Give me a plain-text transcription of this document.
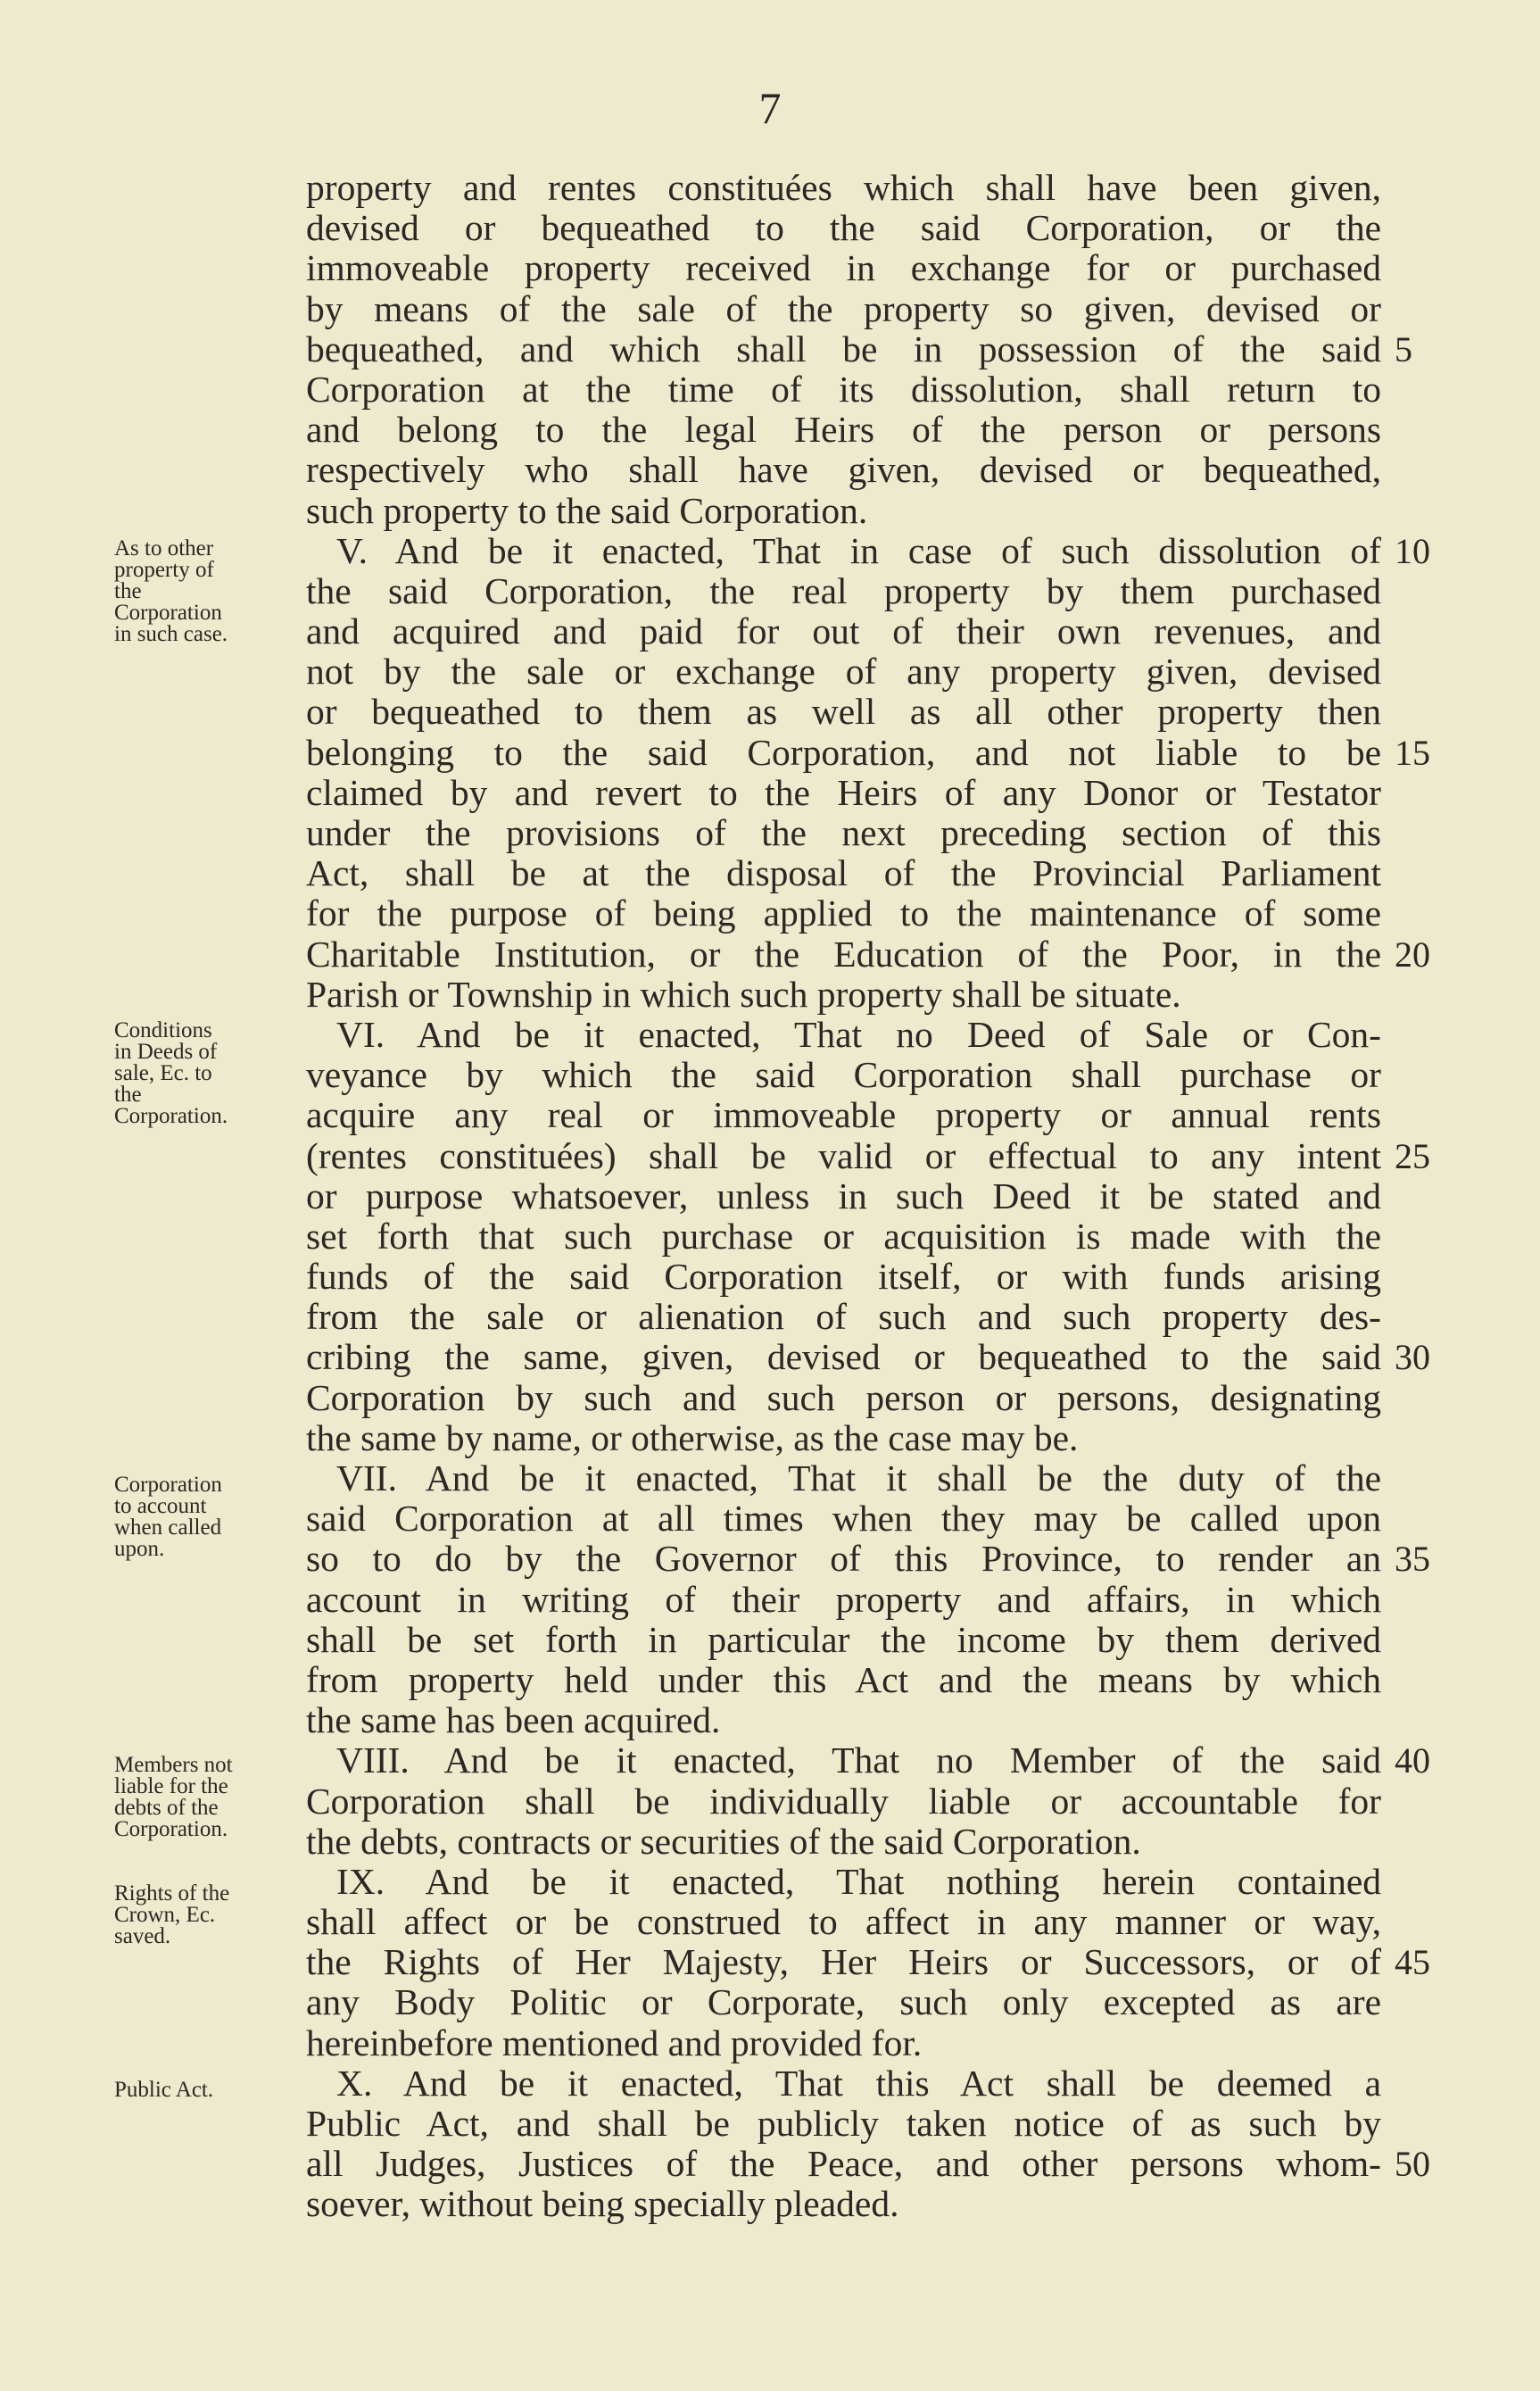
7
As to other
property of
the
Corporation
in such case.
Conditions
in Deeds of
sale, Ec. to
the
Corporation.
Corporation
to account
when called
upon.
Members not
liable for the
debts of the
Corporation.
Rights of the
Crown, Ec.
saved.
Public Act.
property and rentes constituées which shall have been given,
devised or bequeathed to the said Corporation, or the
immoveable property received in exchange for or purchased
by means of the sale of the property so given, devised or
bequeathed, and which shall be in possession of the said 5
Corporation at the time of its dissolution, shall return to
and belong to the legal Heirs of the person or persons
respectively who shall have given, devised or bequeathed,
such property to the said Corporation.
V. And be it enacted, That in case of such dissolution of 10
the said Corporation, the real property by them purchased
and acquired and paid for out of their own revenues, and
not by the sale or exchange of any property given, devised
or bequeathed to them as well as all other property then
belonging to the said Corporation, and not liable to be 15
claimed by and revert to the Heirs of any Donor or Testator
under the provisions of the next preceding section of this
Act, shall be at the disposal of the Provincial Parliament
for the purpose of being applied to the maintenance of some
Charitable Institution, or the Education of the Poor, in the 20
Parish or Township in which such property shall be situate.
VI. And be it enacted, That no Deed of Sale or Con-
veyance by which the said Corporation shall purchase or
acquire any real or immoveable property or annual rents
(rentes constituées) shall be valid or effectual to any intent 25
or purpose whatsoever, unless in such Deed it be stated and
set forth that such purchase or acquisition is made with the
funds of the said Corporation itself, or with funds arising
from the sale or alienation of such and such property des-
cribing the same, given, devised or bequeathed to the said 30
Corporation by such and such person or persons, designating
the same by name, or otherwise, as the case may be.
VII. And be it enacted, That it shall be the duty of the
said Corporation at all times when they may be called upon
so to do by the Governor of this Province, to render an 35
account in writing of their property and affairs, in which
shall be set forth in particular the income by them derived
from property held under this Act and the means by which
the same has been acquired.
VIII. And be it enacted, That no Member of the said 40
Corporation shall be individually liable or accountable for
the debts, contracts or securities of the said Corporation.
IX. And be it enacted, That nothing herein contained
shall affect or be construed to affect in any manner or way,
the Rights of Her Majesty, Her Heirs or Successors, or of 45
any Body Politic or Corporate, such only excepted as are
hereinbefore mentioned and provided for.
X. And be it enacted, That this Act shall be deemed a
Public Act, and shall be publicly taken notice of as such by
all Judges, Justices of the Peace, and other persons whom- 50
soever, without being specially pleaded.
